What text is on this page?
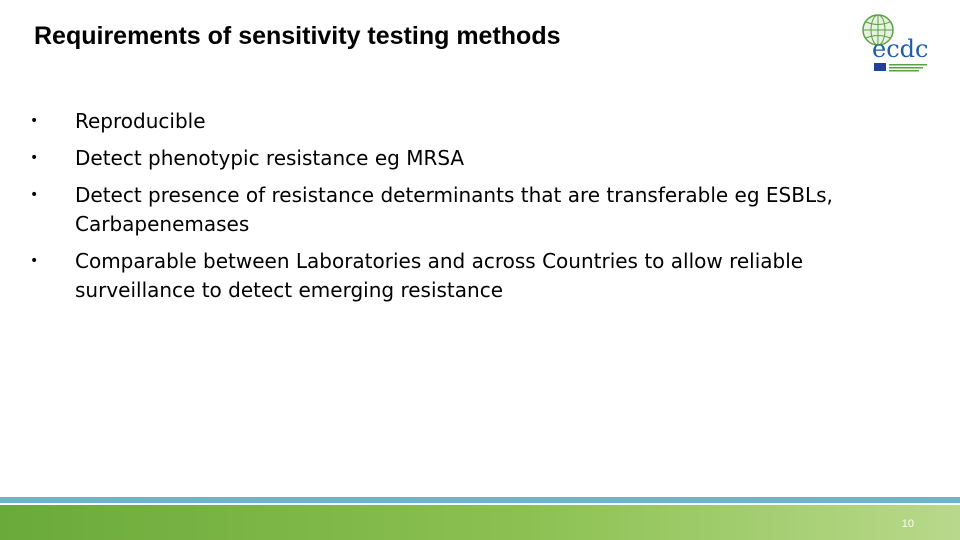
Requirements of sensitivity testing methods	ecdc
• Reproducible
• Detect phenotypic resistance eg MRSA
• Detect presence of resistance determinants that are transferable eg ESBLs, Carbapenemases
• Comparable between Laboratories and across Countries to allow reliable surveillance to detect emerging resistance
10
